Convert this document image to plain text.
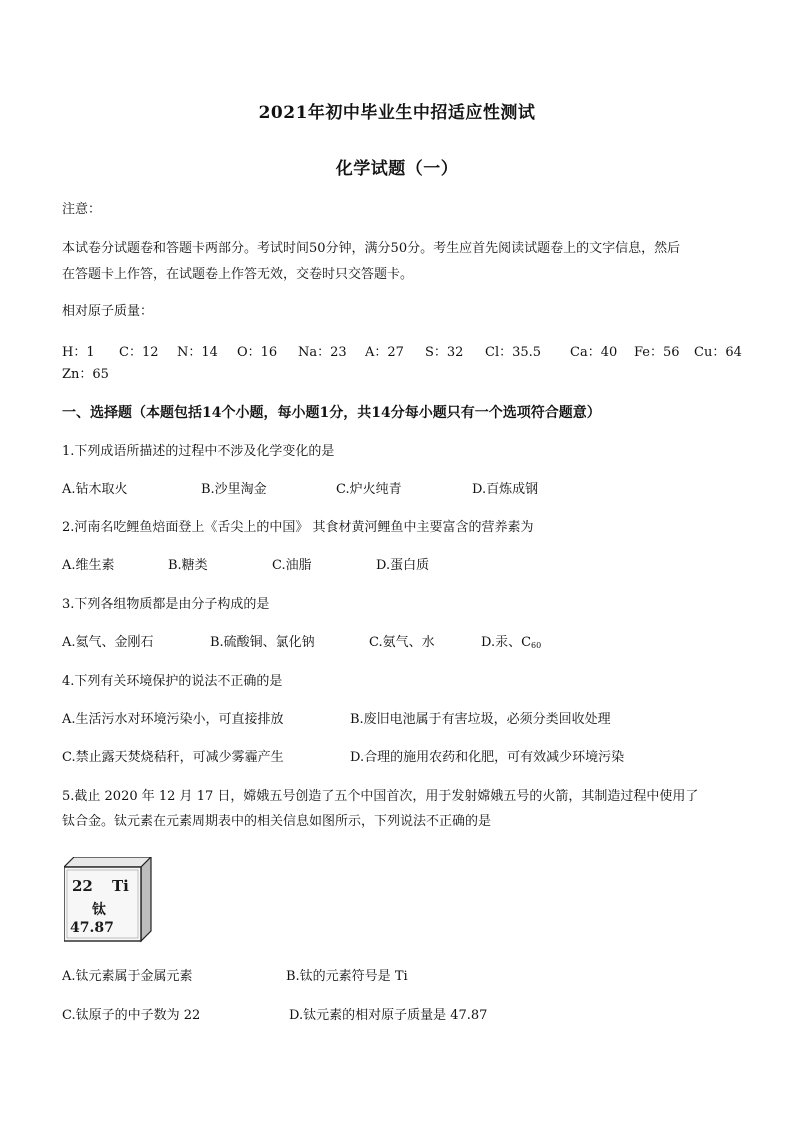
2021年初中毕业生中招适应性测试
化学试题（一）
注意：
本试卷分试题卷和答题卡两部分。考试时间50分钟，满分50分。考生应首先阅读试题卷上的文字信息，然后
在答题卡上作答，在试题卷上作答无效，交卷时只交答题卡。
相对原子质量：
H：1 C：12 N：14 O：16 Na：23 A：27 S：32 Cl：35.5 Ca：40 Fe：56 Cu：64
Zn：65
一、选择题（本题包括14个小题，每小题1分，共14分每小题只有一个选项符合题意）
1.下列成语所描述的过程中不涉及化学变化的是
A.钻木取火	B.沙里淘金	C.炉火纯青	D.百炼成钢
2.河南名吃鲤鱼焙面登上《舌尖上的中国》 其食材黄河鲤鱼中主要富含的营养素为
A.维生素	B.糖类	C.油脂	D.蛋白质
3.下列各组物质都是由分子构成的是
A.氦气、金刚石	B.硫酸铜、氯化钠	C.氨气、水	D.汞、$C_{60}$
4.下列有关环境保护的说法不正确的是
A.生活污水对环境污染小，可直接排放	B.废旧电池属于有害垃圾，必须分类回收处理
C.禁止露天焚烧秸秆，可减少雾霾产生	D.合理的施用农药和化肥，可有效减少环境污染
5.截止 2020 年 12 月 17 日，嫦娥五号创造了五个中国首次，用于发射嫦娥五号的火箭，其制造过程中使用了
钛合金。钛元素在元素周期表中的相关信息如图所示，下列说法不正确的是
22 Ti
钛
47.87
A.钛元素属于金属元素	B.钛的元素符号是 Ti
C.钛原子的中子数为 22	D.钛元素的相对原子质量是 47.87
